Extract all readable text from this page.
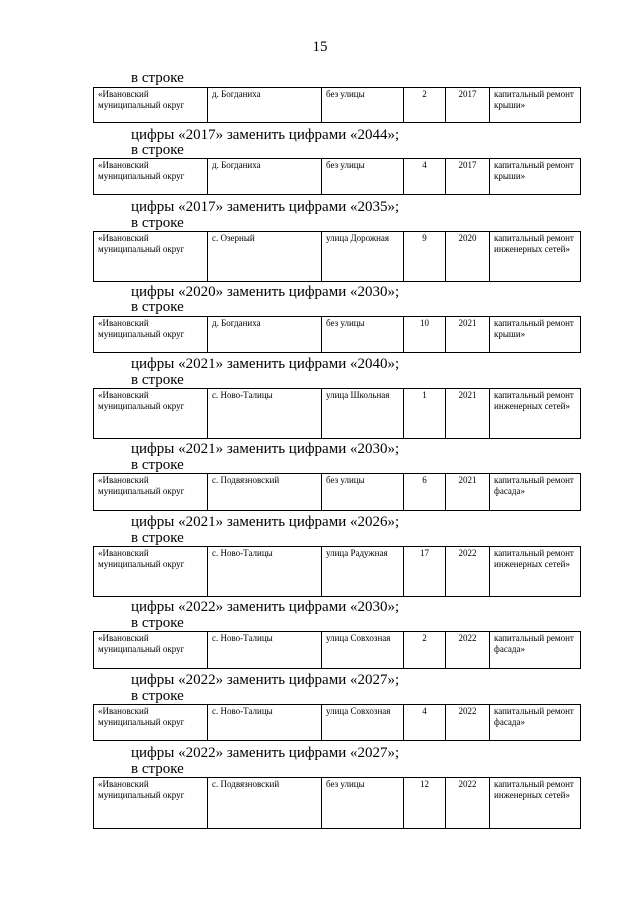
15
в строке
«Ивановский муниципальный округ	д. Богданиха	без улицы	2	2017	капитальный ремонт крыши»
цифры «2017» заменить цифрами «2044»;
в строке
«Ивановский муниципальный округ	д. Богданиха	без улицы	4	2017	капитальный ремонт крыши»
цифры «2017» заменить цифрами «2035»;
в строке
«Ивановский муниципальный округ	с. Озерный	улица Дорожная	9	2020	капитальный ремонт инженерных сетей»
цифры «2020» заменить цифрами «2030»;
в строке
«Ивановский муниципальный округ	д. Богданиха	без улицы	10	2021	капитальный ремонт крыши»
цифры «2021» заменить цифрами «2040»;
в строке
«Ивановский муниципальный округ	с. Ново-Талицы	улица Школьная	1	2021	капитальный ремонт инженерных сетей»
цифры «2021» заменить цифрами «2030»;
в строке
«Ивановский муниципальный округ	с. Подвязновский	без улицы	6	2021	капитальный ремонт фасада»
цифры «2021» заменить цифрами «2026»;
в строке
«Ивановский муниципальный округ	с. Ново-Талицы	улица Радужная	17	2022	капитальный ремонт инженерных сетей»
цифры «2022» заменить цифрами «2030»;
в строке
«Ивановский муниципальный округ	с. Ново-Талицы	улица Совхозная	2	2022	капитальный ремонт фасада»
цифры «2022» заменить цифрами «2027»;
в строке
«Ивановский муниципальный округ	с. Ново-Талицы	улица Совхозная	4	2022	капитальный ремонт фасада»
цифры «2022» заменить цифрами «2027»;
в строке
«Ивановский муниципальный округ	с. Подвязновский	без улицы	12	2022	капитальный ремонт инженерных сетей»
